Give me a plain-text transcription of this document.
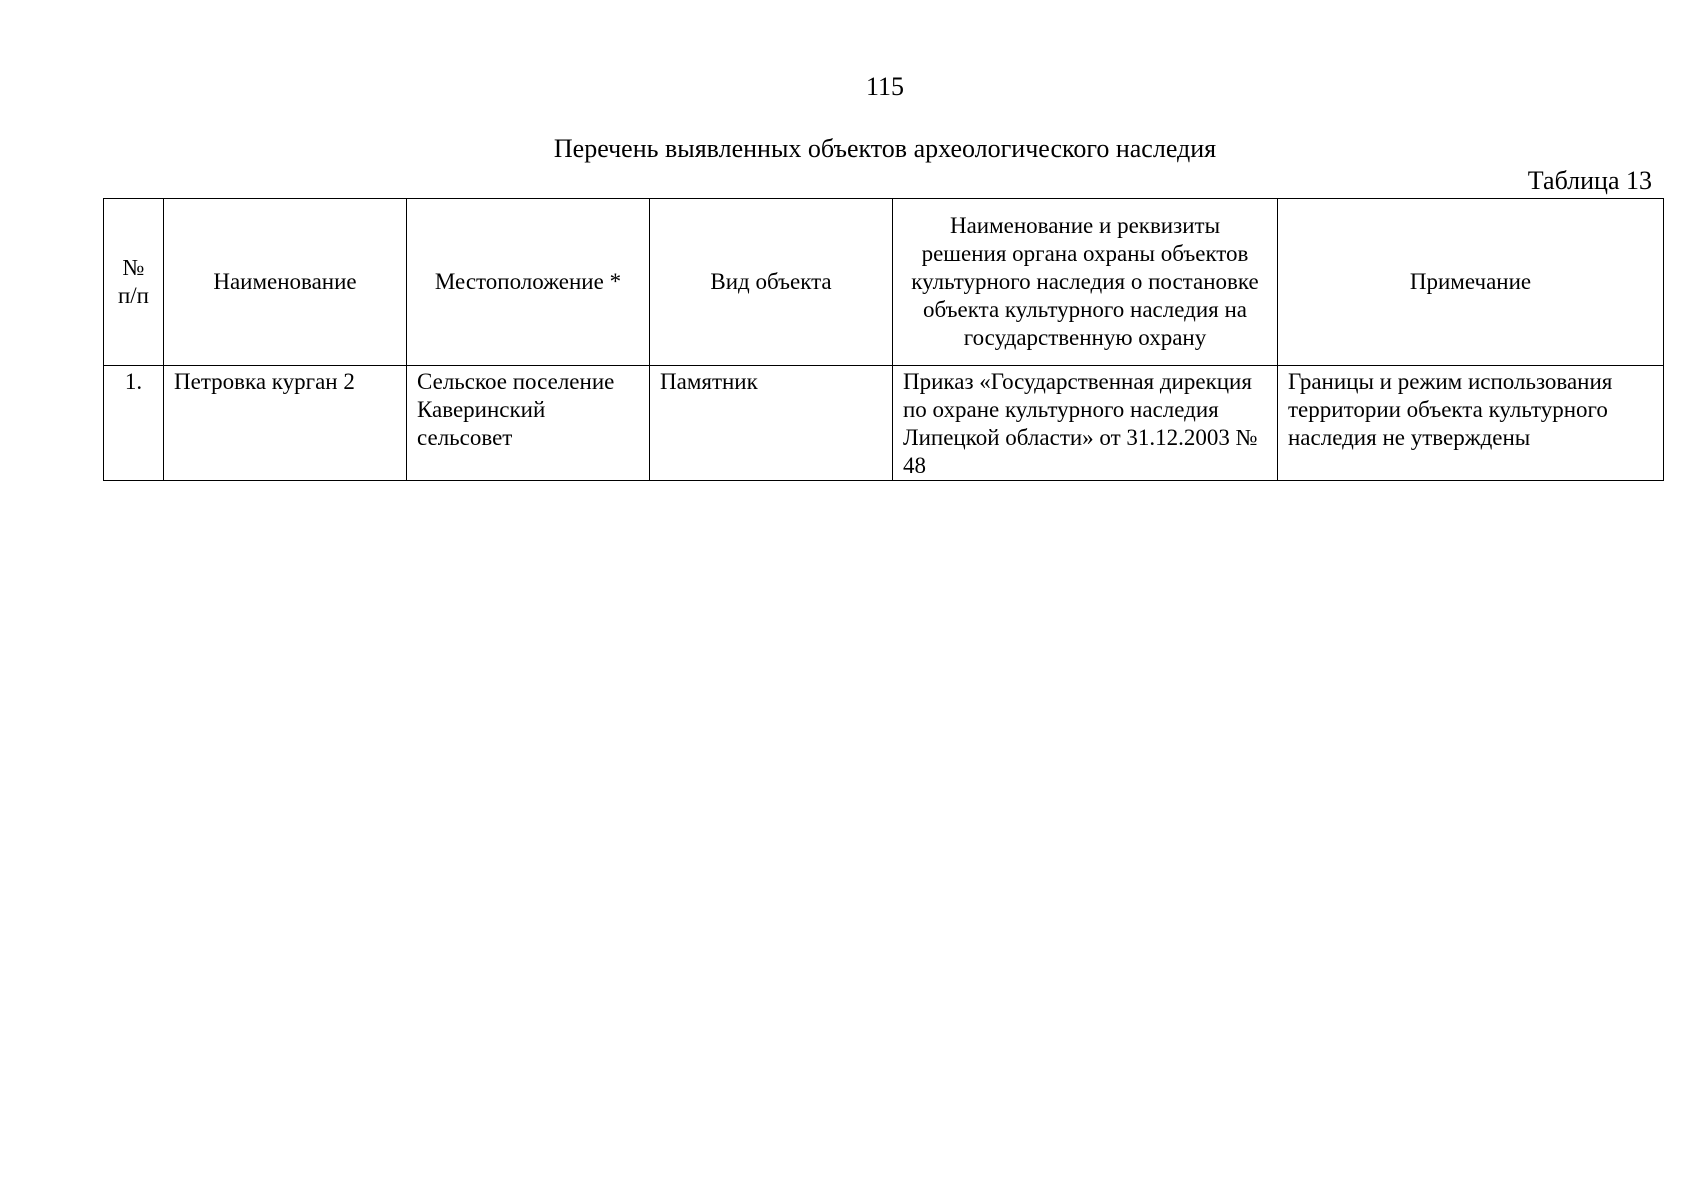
115
Перечень выявленных объектов археологического наследия
Таблица 13
№ п/п	Наименование	Местоположение *	Вид объекта	Наименование и реквизиты решения органа охраны объектов культурного наследия о постановке объекта культурного наследия на государственную охрану	Примечание
1.	Петровка курган 2	Сельское поселение Каверинский сельсовет	Памятник	Приказ «Государственная дирекция по охране культурного наследия Липецкой области» от 31.12.2003 № 48	Границы и режим использования территории объекта культурного наследия не утверждены
